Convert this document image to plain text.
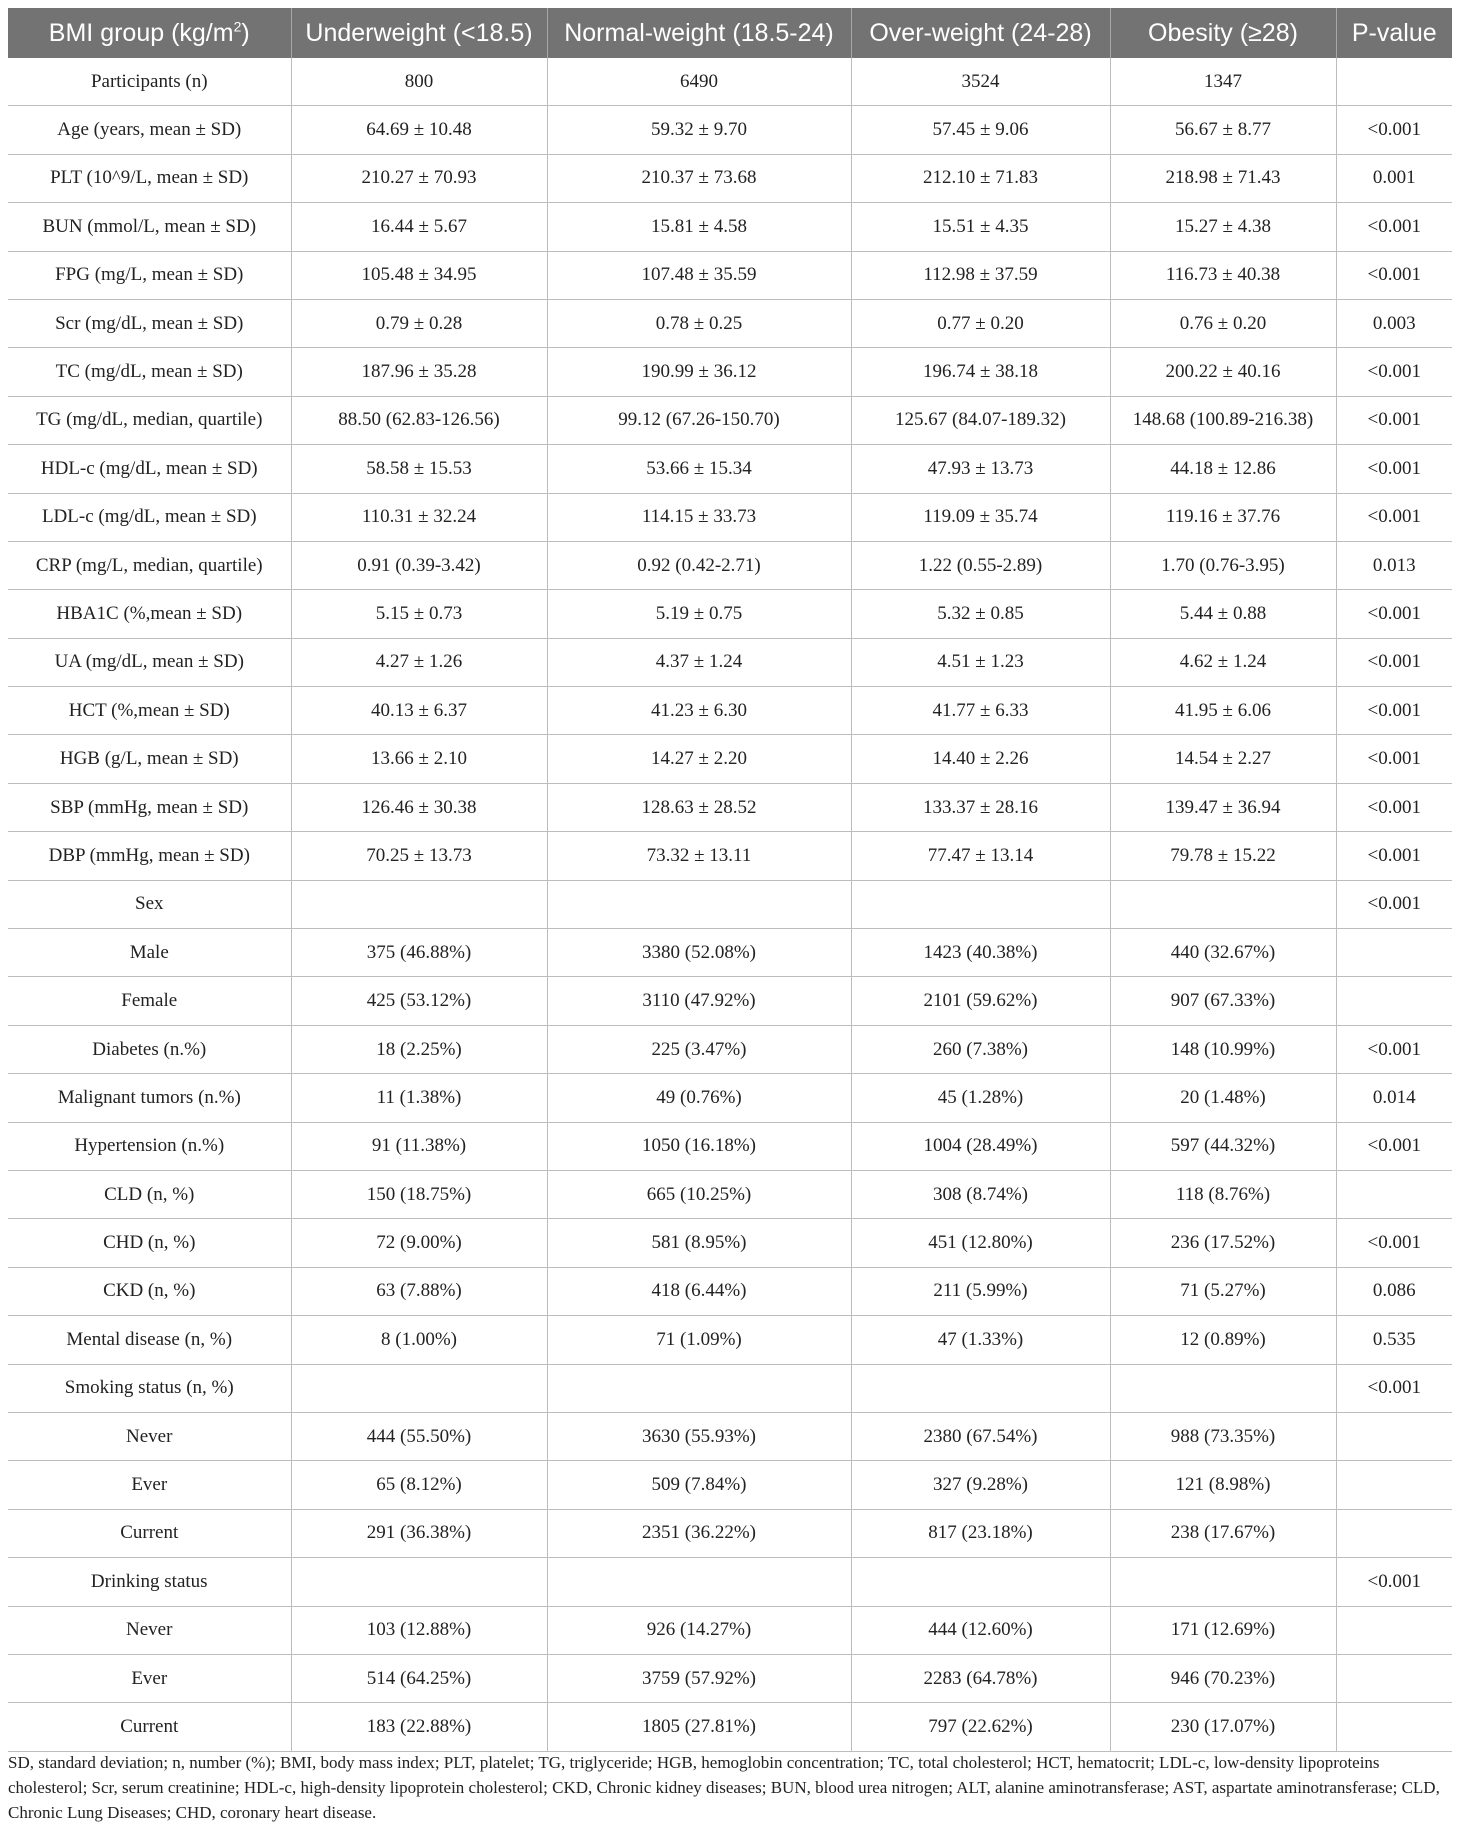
BMI group $(kg/m^2)$	Underweight (<18.5)	Normal-weight (18.5-24)	Over-weight (24-28)	Obesity (≥28)	P-value
Participants (n)	800	6490	3524	1347	
Age (years, mean ± SD)	64.69 ± 10.48	59.32 ± 9.70	57.45 ± 9.06	56.67 ± 8.77	<0.001
PLT (10^9/L, mean ± SD)	210.27 ± 70.93	210.37 ± 73.68	212.10 ± 71.83	218.98 ± 71.43	0.001
BUN (mmol/L, mean ± SD)	16.44 ± 5.67	15.81 ± 4.58	15.51 ± 4.35	15.27 ± 4.38	<0.001
FPG (mg/L, mean ± SD)	105.48 ± 34.95	107.48 ± 35.59	112.98 ± 37.59	116.73 ± 40.38	<0.001
Scr (mg/dL, mean ± SD)	0.79 ± 0.28	0.78 ± 0.25	0.77 ± 0.20	0.76 ± 0.20	0.003
TC (mg/dL, mean ± SD)	187.96 ± 35.28	190.99 ± 36.12	196.74 ± 38.18	200.22 ± 40.16	<0.001
TG (mg/dL, median, quartile)	88.50 (62.83-126.56)	99.12 (67.26-150.70)	125.67 (84.07-189.32)	148.68 (100.89-216.38)	<0.001
HDL-c (mg/dL, mean ± SD)	58.58 ± 15.53	53.66 ± 15.34	47.93 ± 13.73	44.18 ± 12.86	<0.001
LDL-c (mg/dL, mean ± SD)	110.31 ± 32.24	114.15 ± 33.73	119.09 ± 35.74	119.16 ± 37.76	<0.001
CRP (mg/L, median, quartile)	0.91 (0.39-3.42)	0.92 (0.42-2.71)	1.22 (0.55-2.89)	1.70 (0.76-3.95)	0.013
HBA1C (%,mean ± SD)	5.15 ± 0.73	5.19 ± 0.75	5.32 ± 0.85	5.44 ± 0.88	<0.001
UA (mg/dL, mean ± SD)	4.27 ± 1.26	4.37 ± 1.24	4.51 ± 1.23	4.62 ± 1.24	<0.001
HCT (%,mean ± SD)	40.13 ± 6.37	41.23 ± 6.30	41.77 ± 6.33	41.95 ± 6.06	<0.001
HGB (g/L, mean ± SD)	13.66 ± 2.10	14.27 ± 2.20	14.40 ± 2.26	14.54 ± 2.27	<0.001
SBP (mmHg, mean ± SD)	126.46 ± 30.38	128.63 ± 28.52	133.37 ± 28.16	139.47 ± 36.94	<0.001
DBP (mmHg, mean ± SD)	70.25 ± 13.73	73.32 ± 13.11	77.47 ± 13.14	79.78 ± 15.22	<0.001
Sex					<0.001
Male	375 (46.88%)	3380 (52.08%)	1423 (40.38%)	440 (32.67%)	
Female	425 (53.12%)	3110 (47.92%)	2101 (59.62%)	907 (67.33%)	
Diabetes (n.%)	18 (2.25%)	225 (3.47%)	260 (7.38%)	148 (10.99%)	<0.001
Malignant tumors (n.%)	11 (1.38%)	49 (0.76%)	45 (1.28%)	20 (1.48%)	0.014
Hypertension (n.%)	91 (11.38%)	1050 (16.18%)	1004 (28.49%)	597 (44.32%)	<0.001
CLD (n, %)	150 (18.75%)	665 (10.25%)	308 (8.74%)	118 (8.76%)	
CHD (n, %)	72 (9.00%)	581 (8.95%)	451 (12.80%)	236 (17.52%)	<0.001
CKD (n, %)	63 (7.88%)	418 (6.44%)	211 (5.99%)	71 (5.27%)	0.086
Mental disease (n, %)	8 (1.00%)	71 (1.09%)	47 (1.33%)	12 (0.89%)	0.535
Smoking status (n, %)					<0.001
Never	444 (55.50%)	3630 (55.93%)	2380 (67.54%)	988 (73.35%)	
Ever	65 (8.12%)	509 (7.84%)	327 (9.28%)	121 (8.98%)	
Current	291 (36.38%)	2351 (36.22%)	817 (23.18%)	238 (17.67%)	
Drinking status					<0.001
Never	103 (12.88%)	926 (14.27%)	444 (12.60%)	171 (12.69%)	
Ever	514 (64.25%)	3759 (57.92%)	2283 (64.78%)	946 (70.23%)	
Current	183 (22.88%)	1805 (27.81%)	797 (22.62%)	230 (17.07%)	
SD, standard deviation; n, number (%); BMI, body mass index; PLT, platelet; TG, triglyceride; HGB, hemoglobin concentration; TC, total cholesterol; HCT, hematocrit; LDL-c, low-density lipoproteins cholesterol; Scr, serum creatinine; HDL-c, high-density lipoprotein cholesterol; CKD, Chronic kidney diseases; BUN, blood urea nitrogen; ALT, alanine aminotransferase; AST, aspartate aminotransferase; CLD, Chronic Lung Diseases; CHD, coronary heart disease.
